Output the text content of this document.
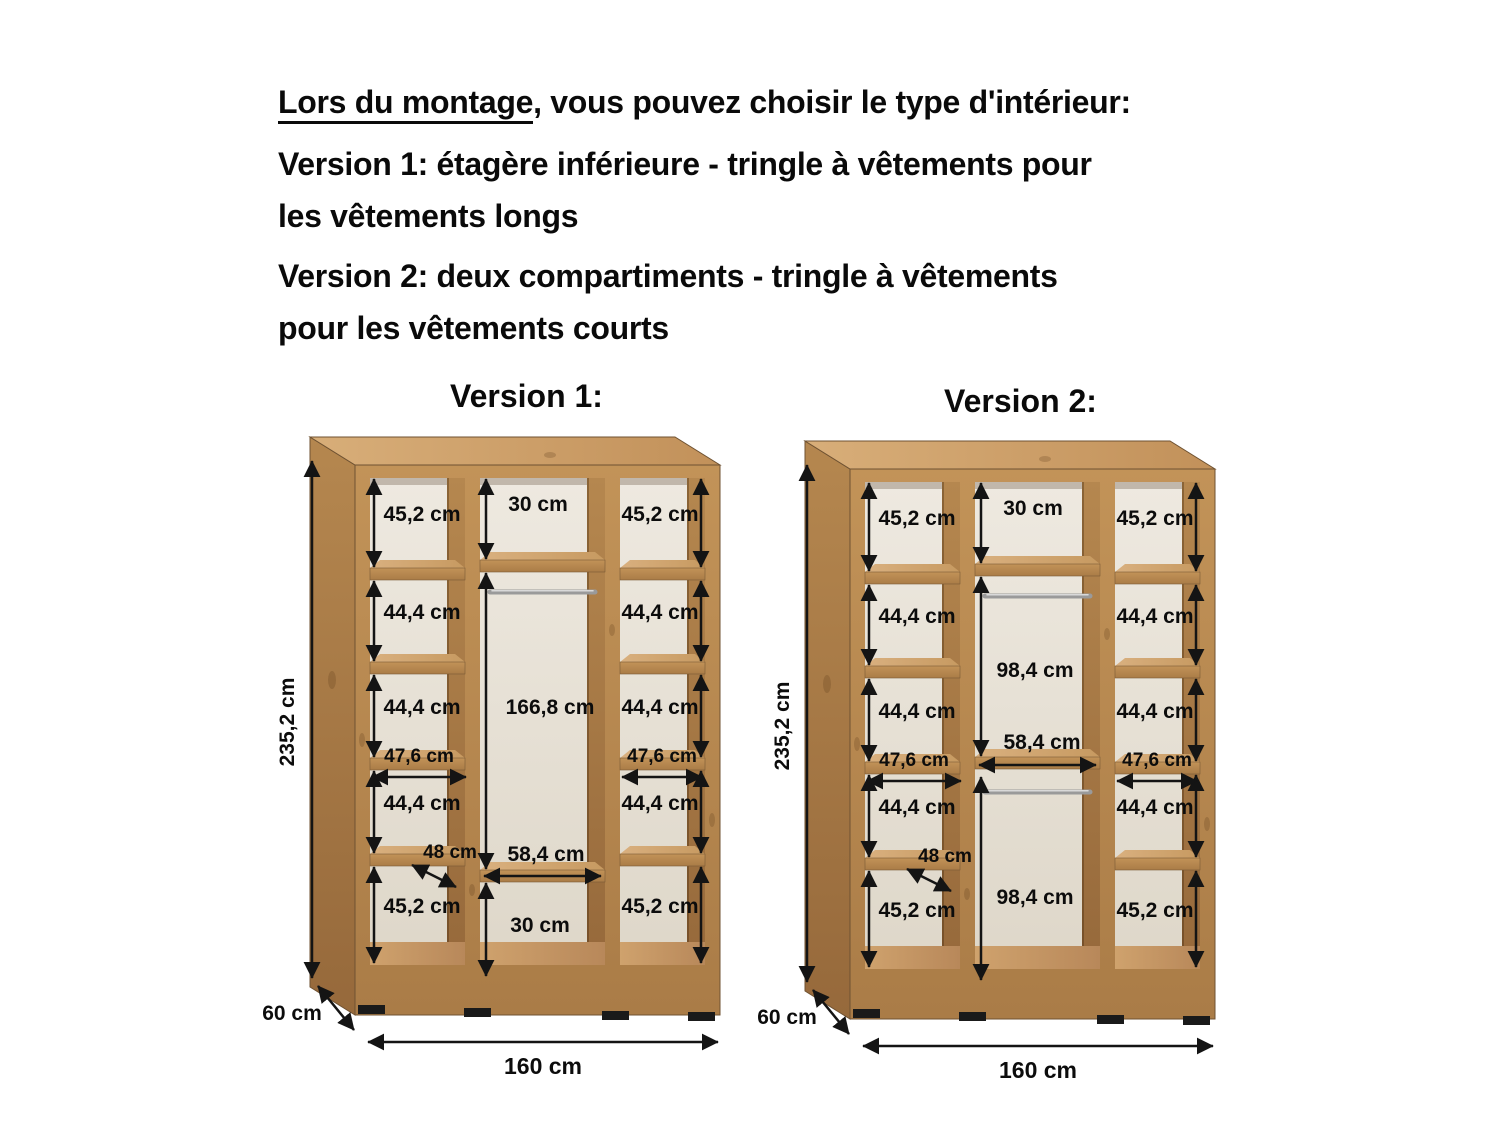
Lors du montage, vous pouvez choisir le type d'intérieur:
Version 1: étagère inférieure - tringle à vêtements pour
les vêtements longs
Version 2: deux compartiments - tringle à vêtements
pour les vêtements courts
Version 1:	Version 2:
235,2 cm
60 cm
160 cm
45,2 cm
44,4 cm
44,4 cm
44,4 cm
45,2 cm
45,2 cm
44,4 cm
44,4 cm
44,4 cm
45,2 cm
47,6 cm	47,6 cm
48 cm
30 cm
166,8 cm
30 cm
58,4 cm
235,2 cm
60 cm
160 cm
45,2 cm
44,4 cm
44,4 cm
44,4 cm
45,2 cm
45,2 cm
44,4 cm
44,4 cm
44,4 cm
45,2 cm
47,6 cm	47,6 cm
48 cm
30 cm
98,4 cm
98,4 cm
58,4 cm
